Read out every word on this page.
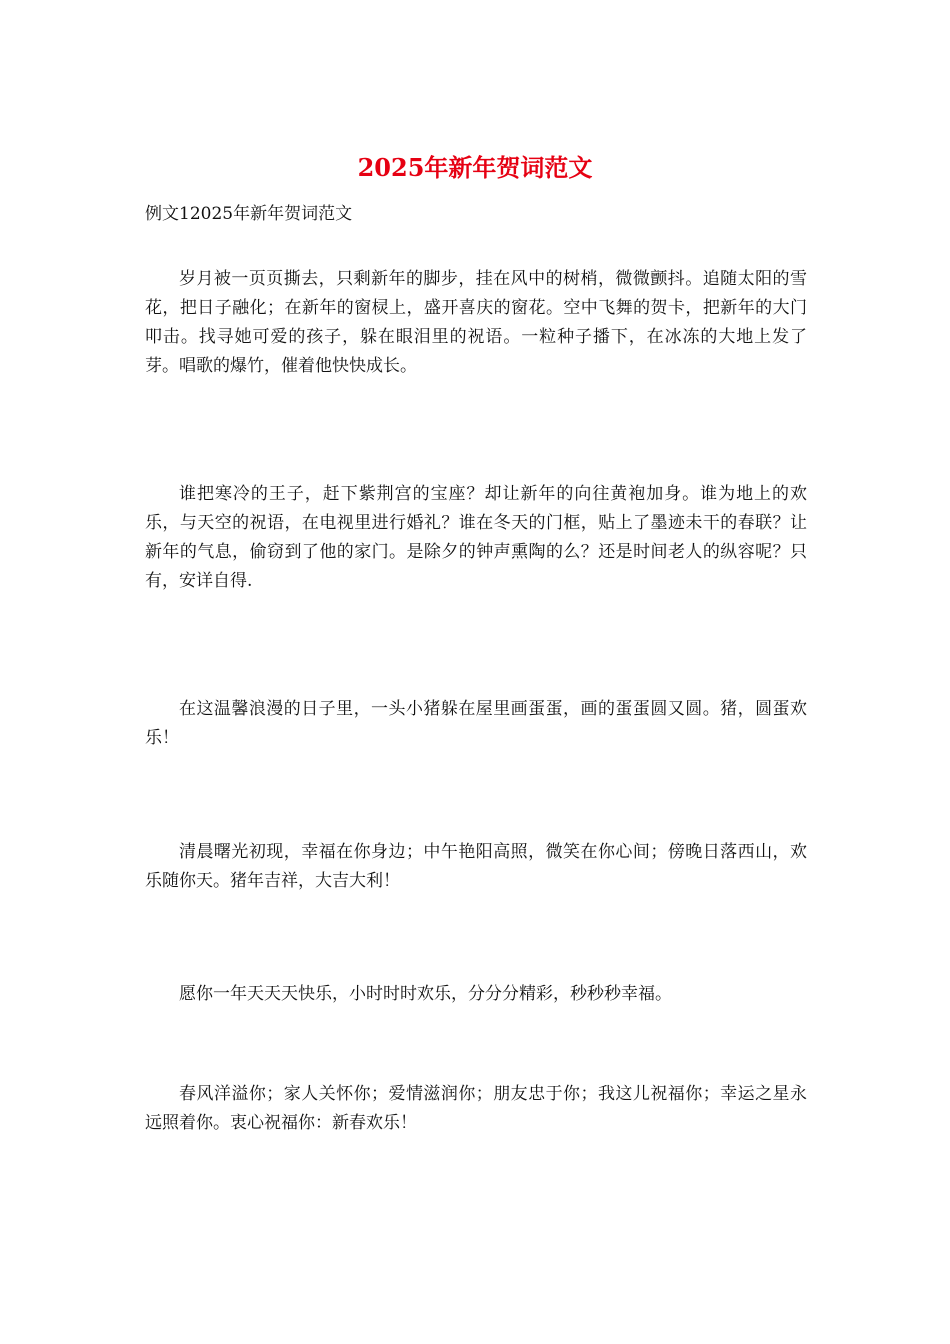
2025年新年贺词范文

例文12025年新年贺词范文

岁月被一页页撕去，只剩新年的脚步，挂在风中的树梢，微微颤抖。追随太阳的雪花，把日子融化；在新年的窗棂上，盛开喜庆的窗花。空中飞舞的贺卡，把新年的大门叩击。找寻她可爱的孩子，躲在眼泪里的祝语。一粒种子播下，在冰冻的大地上发了芽。唱歌的爆竹，催着他快快成长。

谁把寒冷的王子，赶下紫荆宫的宝座？却让新年的向往黄袍加身。谁为地上的欢乐，与天空的祝语，在电视里进行婚礼？谁在冬天的门框，贴上了墨迹未干的春联？让新年的气息，偷窃到了他的家门。是除夕的钟声熏陶的么？还是时间老人的纵容呢？只有，安详自得.

在这温馨浪漫的日子里，一头小猪躲在屋里画蛋蛋，画的蛋蛋圆又圆。猪，圆蛋欢乐！

清晨曙光初现，幸福在你身边；中午艳阳高照，微笑在你心间；傍晚日落西山，欢乐随你天。猪年吉祥，大吉大利！

愿你一年天天天快乐，小时时时欢乐，分分分精彩，秒秒秒幸福。

春风洋溢你；家人关怀你；爱情滋润你；朋友忠于你；我这儿祝福你；幸运之星永远照着你。衷心祝福你：新春欢乐！
